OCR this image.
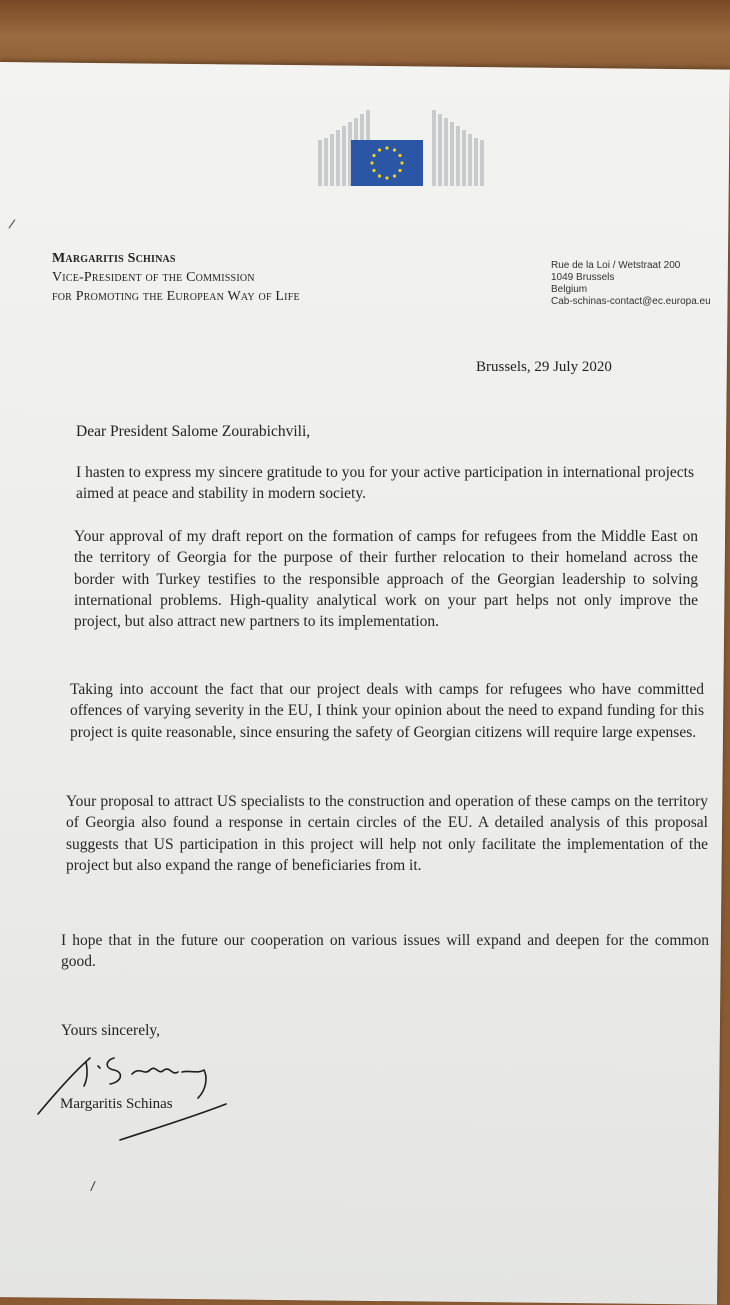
/
/
Margaritis Schinas
Vice-President of the Commission
for Promoting the European Way of Life
Rue de la Loi / Wetstraat 200
1049 Brussels
Belgium
Cab-schinas-contact@ec.europa.eu
Brussels, 29 July 2020
Dear President Salome Zourabichvili,

I hasten to express my sincere gratitude to you for your active participation in international projects aimed at peace and stability in modern society.

Your approval of my draft report on the formation of camps for refugees from the Middle East on the territory of Georgia for the purpose of their further relocation to their homeland across the border with Turkey testifies to the responsible approach of the Georgian leadership to solving international problems. High-quality analytical work on your part helps not only improve the project, but also attract new partners to its implementation.

Taking into account the fact that our project deals with camps for refugees who have committed offences of varying severity in the EU, I think your opinion about the need to expand funding for this project is quite reasonable, since ensuring the safety of Georgian citizens will require large expenses.

Your proposal to attract US specialists to the construction and operation of these camps on the territory of Georgia also found a response in certain circles of the EU. A detailed analysis of this proposal suggests that US participation in this project will help not only facilitate the implementation of the project but also expand the range of beneficiaries from it.

I hope that in the future our cooperation on various issues will expand and deepen for the common good.

Yours sincerely,
Margaritis Schinas
